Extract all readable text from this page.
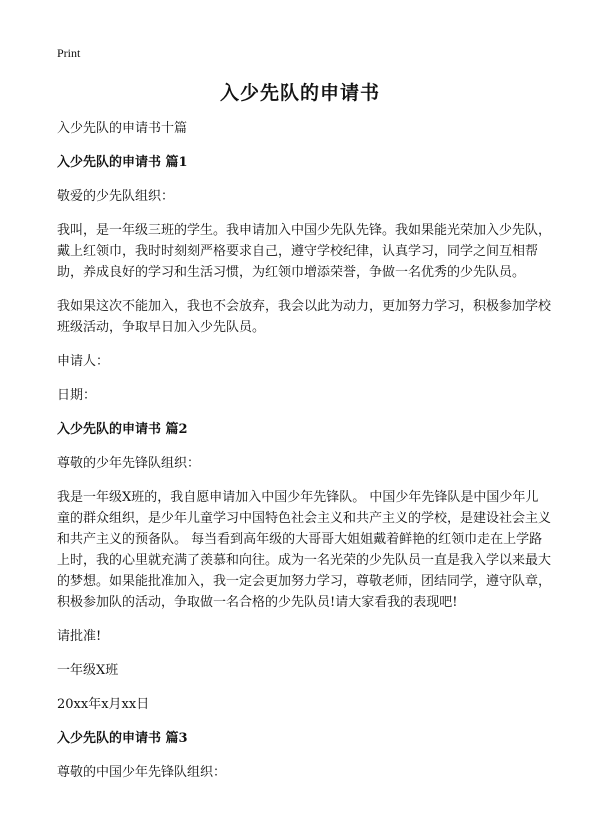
Print
入少先队的申请书

入少先队的申请书十篇

入少先队的申请书 篇1

敬爱的少先队组织：

我叫，是一年级三班的学生。我申请加入中国少先队先锋。我如果能光荣加入少先队，戴上红领巾，我时时刻刻严格要求自己，遵守学校纪律，认真学习，同学之间互相帮助，养成良好的学习和生活习惯，为红领巾增添荣誉，争做一名优秀的少先队员。

我如果这次不能加入，我也不会放弃，我会以此为动力，更加努力学习，积极参加学校班级活动，争取早日加入少先队员。

申请人：

日期：

入少先队的申请书 篇2

尊敬的少年先锋队组织：

我是一年级X班的，我自愿申请加入中国少年先锋队。 中国少年先锋队是中国少年儿童的群众组织，是少年儿童学习中国特色社会主义和共产主义的学校，是建设社会主义和共产主义的预备队。 每当看到高年级的大哥哥大姐姐戴着鲜艳的红领巾走在上学路上时，我的心里就充满了羡慕和向往。成为一名光荣的少先队员一直是我入学以来最大的梦想。如果能批准加入，我一定会更加努力学习，尊敬老师，团结同学，遵守队章，积极参加队的活动，争取做一名合格的少先队员!请大家看我的表现吧!

请批准!

一年级X班

20xx年x月xx日

入少先队的申请书 篇3

尊敬的中国少年先锋队组织：
